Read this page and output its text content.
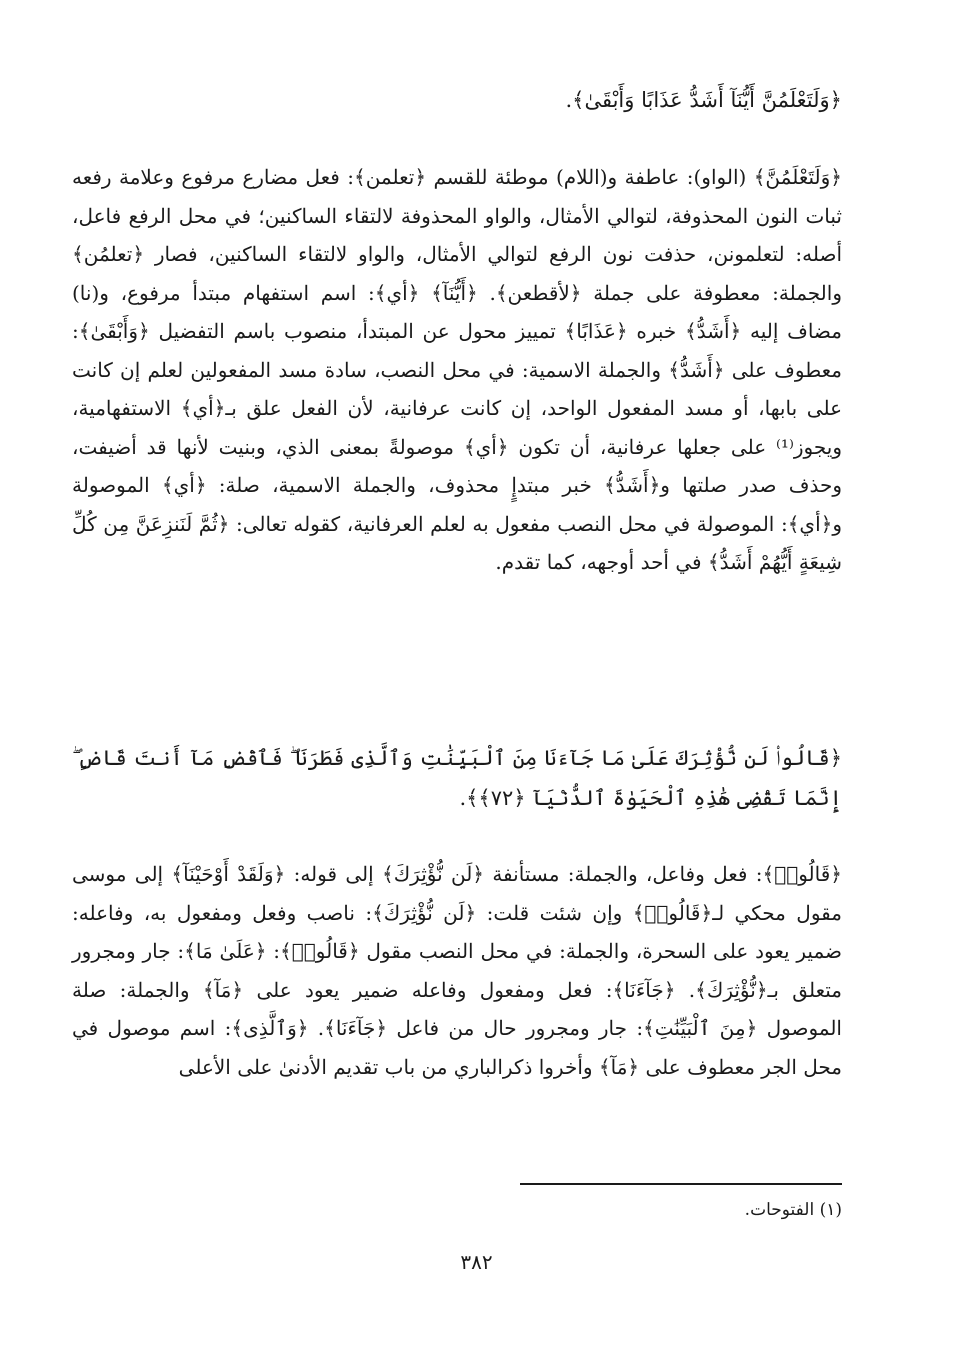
﴿وَلَتَعْلَمُنَّ أَيُّنَآ أَشَدُّ عَذَابًا وَأَبْقَىٰ﴾.
﴿وَلَتَعْلَمُنَّ﴾ (الواو): عاطفة و(اللام) موطئة للقسم ﴿تعلمن﴾: فعل مضارع مرفوع وعلامة رفعه ثبات النون المحذوفة، لتوالي الأمثال، والواو المحذوفة لالتقاء الساكنين؛ في محل الرفع فاعل، أصله: لتعلمونن، حذفت نون الرفع لتوالي الأمثال، والواو لالتقاء الساكنين، فصار ﴿تعلمُن﴾ والجملة: معطوفة على جملة ﴿لأقطعن﴾. ﴿أَيُّنَآ﴾ ﴿أي﴾: اسم استفهام مبتدأ مرفوع، و(نا) مضاف إليه ﴿أَشَدُّ﴾ خبره ﴿عَذَابًا﴾ تمييز محول عن المبتدأ، منصوب باسم التفضيل ﴿وَأَبْقَىٰ﴾: معطوف على ﴿أَشَدُّ﴾ والجملة الاسمية: في محل النصب، سادة مسد المفعولين لعلم إن كانت على بابها، أو مسد المفعول الواحد، إن كانت عرفانية، لأن الفعل علق بـ﴿أي﴾ الاستفهامية، ويجوز⁽¹⁾ على جعلها عرفانية، أن تكون ﴿أي﴾ موصولةً بمعنى الذي، وبنيت لأنها قد أضيفت، وحذف صدر صلتها و﴿أَشَدُّ﴾ خبر مبتدإٍ محذوف، والجملة الاسمية، صلة: ﴿أي﴾ الموصولة و﴿أي﴾: الموصولة في محل النصب مفعول به لعلم العرفانية، كقوله تعالى: ﴿ثُمَّ لَنَنزِعَنَّ مِن كُلِّ شِيعَةٍ أَيُّهُمْ أَشَدُّ﴾ في أحد أوجهه، كما تقدم.
﴿قَالُوا۟ لَن نُّؤْثِرَكَ عَلَىٰ مَا جَآءَنَا مِنَ ٱلْبَيِّنَٰتِ وَٱلَّذِى فَطَرَنَا ۖ فَٱقْضِ مَآ أَنتَ قَاضٍ ۖ إِنَّمَا تَقْضِى هَٰذِهِ ٱلْحَيَوٰةَ ٱلدُّنْيَآ ﴿٧٢﴾﴾.
﴿قَالُوا۟﴾: فعل وفاعل، والجملة: مستأنفة ﴿لَن نُّؤْثِرَكَ﴾ إلى قوله: ﴿وَلَقَدْ أَوْحَيْنَآ﴾ إلى موسى مقول محكي لـ﴿قَالُوا۟﴾ وإن شئت قلت: ﴿لَن نُّؤْثِرَكَ﴾: ناصب وفعل ومفعول به، وفاعله: ضمير يعود على السحرة، والجملة: في محل النصب مقول ﴿قَالُوا۟﴾: ﴿عَلَىٰ مَا﴾: جار ومجرور متعلق بـ﴿نُّؤْثِرَكَ﴾. ﴿جَآءَنَا﴾: فعل ومفعول وفاعله ضمير يعود على ﴿مَآ﴾ والجملة: صلة الموصول ﴿مِنَ ٱلْبَيِّنَٰتِ﴾: جار ومجرور حال من فاعل ﴿جَآءَنَا﴾. ﴿وَٱلَّذِى﴾: اسم موصول في محل الجر معطوف على ﴿مَآ﴾ وأخروا ذكرالباري من باب تقديم الأدنىٰ على الأعلى
(١) الفتوحات.
٣٨٢
